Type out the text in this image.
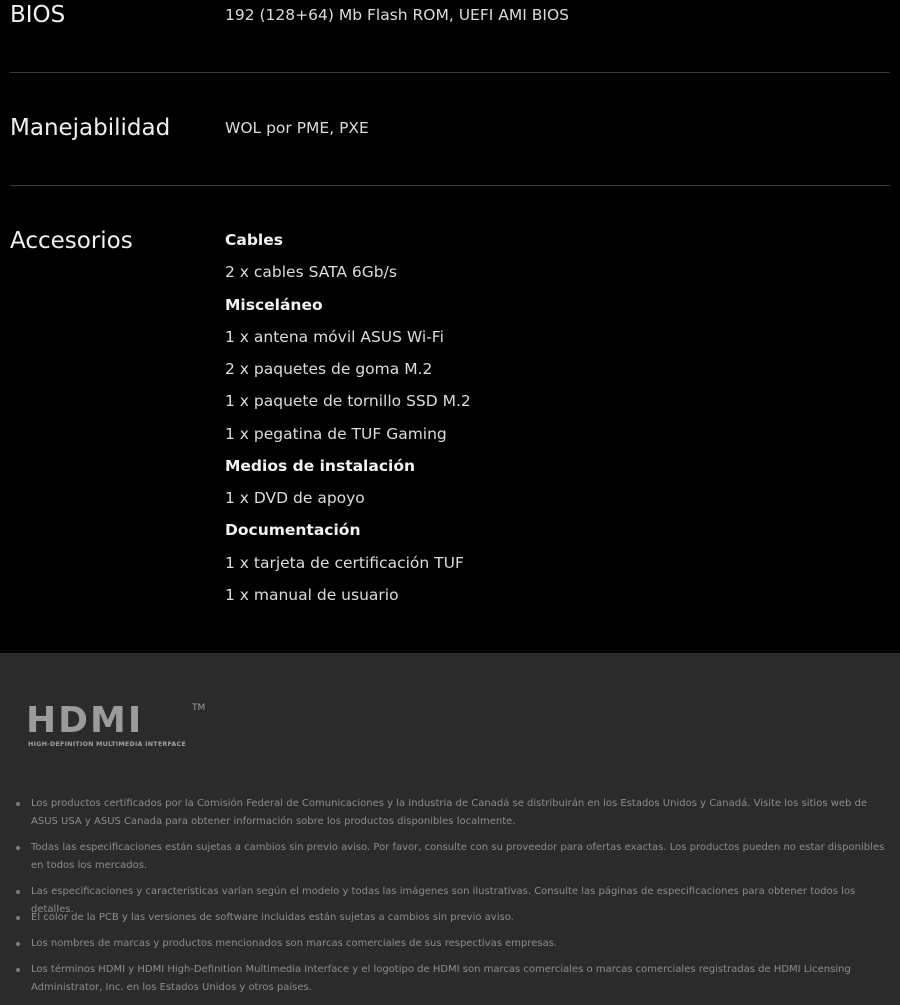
BIOS	192 (128+64) Mb Flash ROM, UEFI AMI BIOS
Manejabilidad	WOL por PME, PXE
Accesorios	Cables
2 x cables SATA 6Gb/s
Misceláneo
1 x antena móvil ASUS Wi-Fi
2 x paquetes de goma M.2
1 x paquete de tornillo SSD M.2
1 x pegatina de TUF Gaming
Medios de instalación
1 x DVD de apoyo
Documentación
1 x tarjeta de certificación TUF
1 x manual de usuario
HDMI	TM
HIGH-DEFINITION MULTIMEDIA INTERFACE
Los productos certificados por la Comisión Federal de Comunicaciones y la Industria de Canadá se distribuirán en los Estados Unidos y Canadá. Visite los sitios web de ASUS USA y ASUS Canada para obtener información sobre los productos disponibles localmente.
Todas las especificaciones están sujetas a cambios sin previo aviso. Por favor, consulte con su proveedor para ofertas exactas. Los productos pueden no estar disponibles en todos los mercados.
Las especificaciones y características varían según el modelo y todas las imágenes son ilustrativas. Consulte las páginas de especificaciones para obtener todos los detalles.
El color de la PCB y las versiones de software incluidas están sujetas a cambios sin previo aviso.
Los nombres de marcas y productos mencionados son marcas comerciales de sus respectivas empresas.
Los términos HDMI y HDMI High-Definition Multimedia Interface y el logotipo de HDMI son marcas comerciales o marcas comerciales registradas de HDMI Licensing Administrator, Inc. en los Estados Unidos y otros países.
